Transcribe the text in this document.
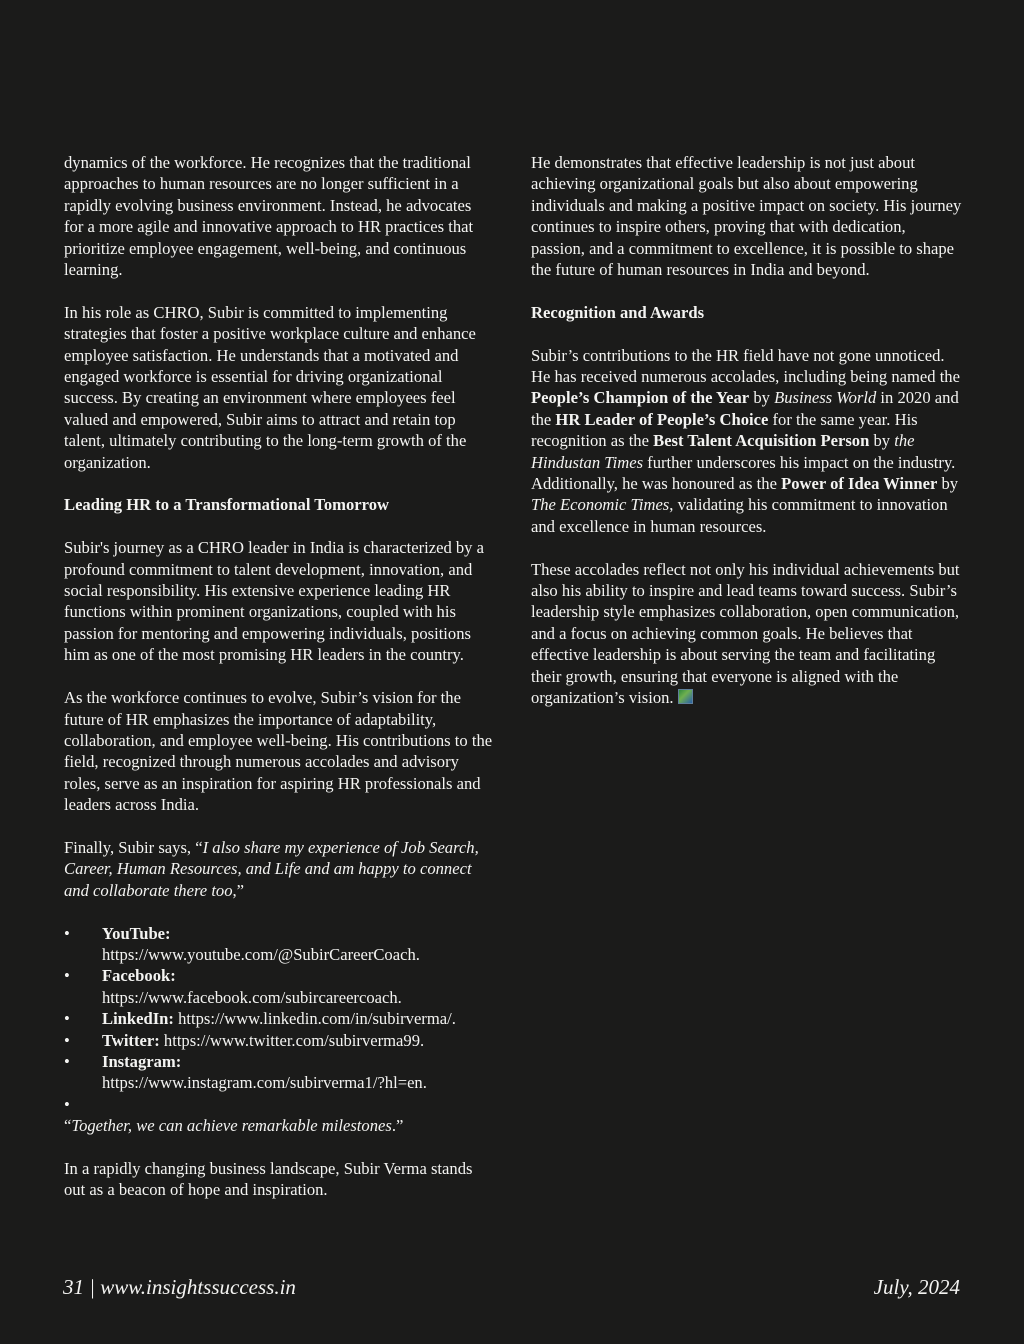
dynamics of the workforce. He recognizes that the traditional approaches to human resources are no longer sufficient in a rapidly evolving business environment. Instead, he advocates for a more agile and innovative approach to HR practices that prioritize employee engagement, well-being, and continuous learning.

In his role as CHRO, Subir is committed to implementing strategies that foster a positive workplace culture and enhance employee satisfaction. He understands that a motivated and engaged workforce is essential for driving organizational success. By creating an environment where employees feel valued and empowered, Subir aims to attract and retain top talent, ultimately contributing to the long-term growth of the organization.

Leading HR to a Transformational Tomorrow

Subir's journey as a CHRO leader in India is characterized by a profound commitment to talent development, innovation, and social responsibility. His extensive experience leading HR functions within prominent organizations, coupled with his passion for mentoring and empowering individuals, positions him as one of the most promising HR leaders in the country.

As the workforce continues to evolve, Subir’s vision for the future of HR emphasizes the importance of adaptability, collaboration, and employee well-being. His contributions to the field, recognized through numerous accolades and advisory roles, serve as an inspiration for aspiring HR professionals and leaders across India.

Finally, Subir says, “I also share my experience of Job Search, Career, Human Resources, and Life and am happy to connect and collaborate there too,”

• YouTube:
https://www.youtube.com/@SubirCareerCoach.
• Facebook:
https://www.facebook.com/subircareercoach.
• LinkedIn: https://www.linkedin.com/in/subirverma/.
• Twitter: https://www.twitter.com/subirverma99.
• Instagram:
https://www.instagram.com/subirverma1/?hl=en.
•

“Together, we can achieve remarkable milestones.”

In a rapidly changing business landscape, Subir Verma stands out as a beacon of hope and inspiration.

He demonstrates that effective leadership is not just about achieving organizational goals but also about empowering individuals and making a positive impact on society. His journey continues to inspire others, proving that with dedication, passion, and a commitment to excellence, it is possible to shape the future of human resources in India and beyond.

Recognition and Awards

Subir’s contributions to the HR field have not gone unnoticed. He has received numerous accolades, including being named the People’s Champion of the Year by Business World in 2020 and the HR Leader of People’s Choice for the same year. His recognition as the Best Talent Acquisition Person by the Hindustan Times further underscores his impact on the industry. Additionally, he was honoured as the Power of Idea Winner by The Economic Times, validating his commitment to innovation and excellence in human resources.

These accolades reflect not only his individual achievements but also his ability to inspire and lead teams toward success. Subir’s leadership style emphasizes collaboration, open communication, and a focus on achieving common goals. He believes that effective leadership is about serving the team and facilitating their growth, ensuring that everyone is aligned with the organization’s vision.

31 | www.insightssuccess.in	July, 2024
